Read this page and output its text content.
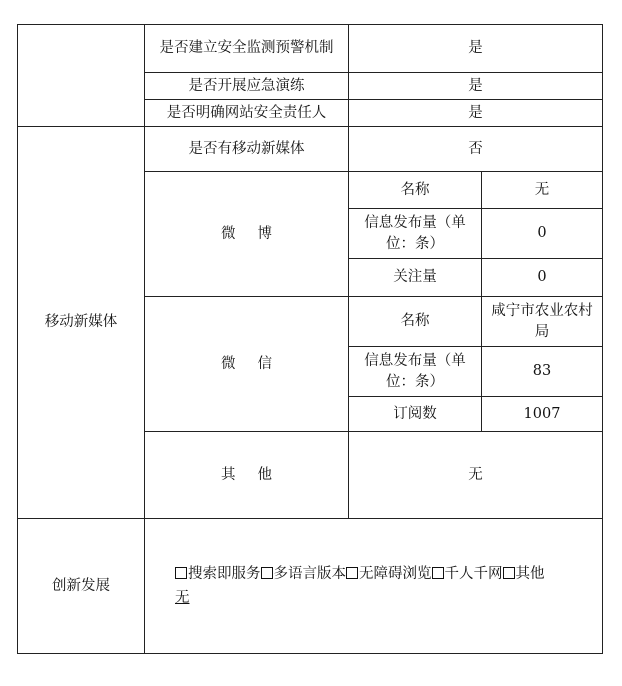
	是否建立安全监测预警机制	是	
	是否开展应急演练	是	
	是否明确网站安全责任人	是	
移动新媒体	是否有移动新媒体	否	
	微博	名称	无
		信息发布量（单位：条）	0
		关注量	0
	微信	名称	咸宁市农业农村局
		信息发布量（单位：条）	83
		订阅数	1007
	其他	无	
创新发展	搜索即服务 多语言版本 无障碍浏览 千人千网 其他
无		
